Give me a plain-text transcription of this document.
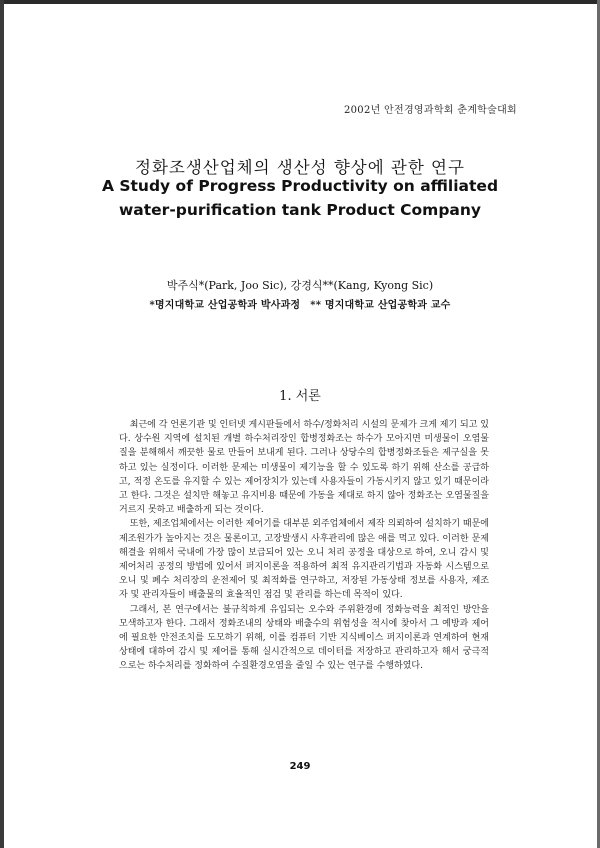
2002년 안전경영과학회 춘계학술대회
정화조생산업체의 생산성 향상에 관한 연구
A Study of Progress Productivity on affiliated
water-purification tank Product Company
박주식*(Park, Joo Sic), 강경식**(Kang, Kyong Sic)
*명지대학교 산업공학과 박사과정 ** 명지대학교 산업공학과 교수
1. 서론

최근에 각 언론기관 및 인터넷 게시판들에서 하수/정화처리 시설의 문제가 크게 제기 되고 있다. 상수원 지역에 설치된 개별 하수처리장인 합병정화조는 하수가 모아지면 미생물이 오염물질을 분해해서 깨끗한 물로 만들어 보내게 된다. 그러나 상당수의 합병정화조들은 제구실을 못하고 있는 실정이다. 이러한 문제는 미생물이 제기능을 할 수 있도록 하기 위해 산소를 공급하고, 적정 온도를 유지할 수 있는 제어장치가 있는데 사용자들이 가동시키지 않고 있기 때문이라고 한다. 그것은 설치만 해놓고 유지비용 때문에 가동을 제대로 하지 않아 정화조는 오염물질을 거르지 못하고 배출하게 되는 것이다.

또한, 제조업체에서는 이러한 제어기를 대부분 외주업체에서 제작 의뢰하여 설치하기 때문에 제조원가가 높아지는 것은 물론이고, 고장발생시 사후관리에 많은 애를 먹고 있다. 이러한 문제해결을 위해서 국내에 가장 많이 보급되어 있는 오니 처리 공정을 대상으로 하여, 오니 감시 및 제어처리 공정의 방법에 있어서 퍼지이론을 적용하여 최적 유지관리기법과 자동화 시스템으로 오니 및 폐수 처리장의 운전제어 및 최적화를 연구하고, 저장된 가동상태 정보를 사용자, 제조자 및 관리자들이 배출물의 효율적인 점검 및 관리를 하는데 목적이 있다.

그래서, 본 연구에서는 불규칙하게 유입되는 오수와 주위환경에 정화능력을 최적인 방안을 모색하고자 한다. 그래서 정화조내의 상태와 배출수의 위험성을 적시에 찾아서 그 예방과 제어에 필요한 안전조치를 도모하기 위해, 이를 컴퓨터 기반 지식베이스 퍼지이론과 연계하여 현재 상태에 대하여 감시 및 제어를 통해 실시간적으로 데이터를 저장하고 관리하고자 해서 궁극적으로는 하수처리를 정화하여 수질환경오염을 줄일 수 있는 연구를 수행하였다.

249
